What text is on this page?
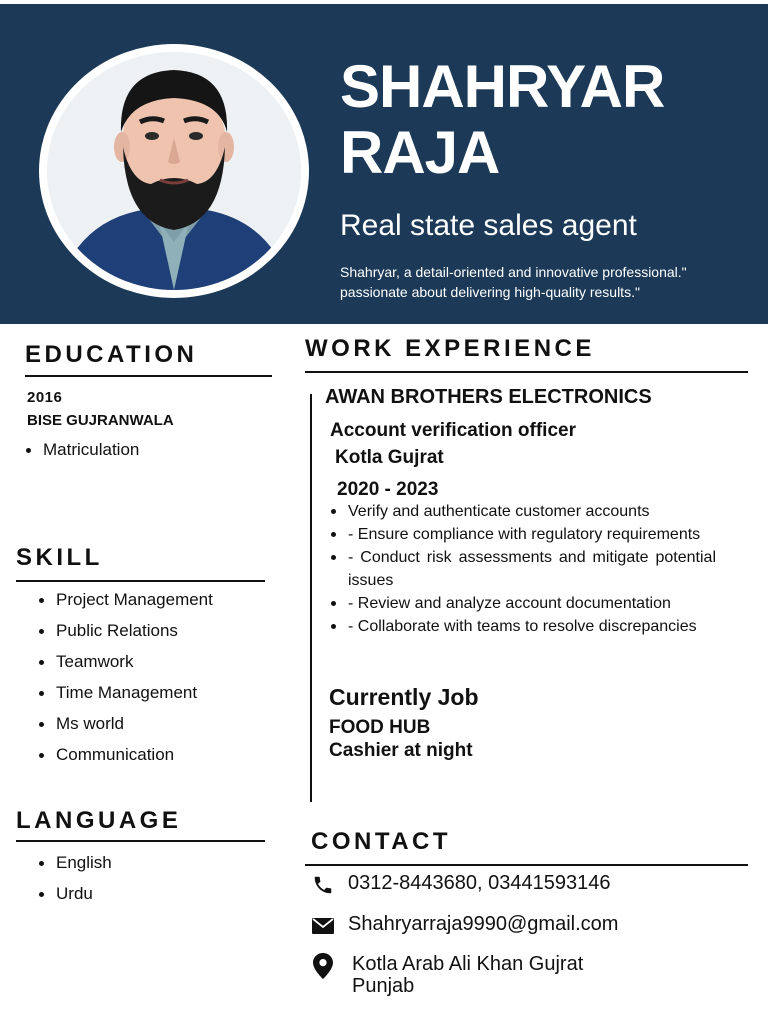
SHAHRYAR
RAJA
Real state sales agent
Shahryar, a detail-oriented and innovative professional." passionate about delivering high-quality results."
EDUCATION
2016
BISE GUJRANWALA
Matriculation
SKILL
Project Management
Public Relations
Teamwork
Time Management
Ms world
Communication
LANGUAGE
English
Urdu
WORK EXPERIENCE
AWAN BROTHERS ELECTRONICS
Account verification officer
Kotla Gujrat
2020 - 2023
Verify and authenticate customer accounts
- Ensure compliance with regulatory requirements
- Conduct risk assessments and mitigate potential issues
- Review and analyze account documentation
- Collaborate with teams to resolve discrepancies
Currently Job
FOOD HUB
Cashier at night
CONTACT
0312-8443680, 03441593146
Shahryarraja9990@gmail.com
Kotla Arab Ali Khan Gujrat
Punjab
